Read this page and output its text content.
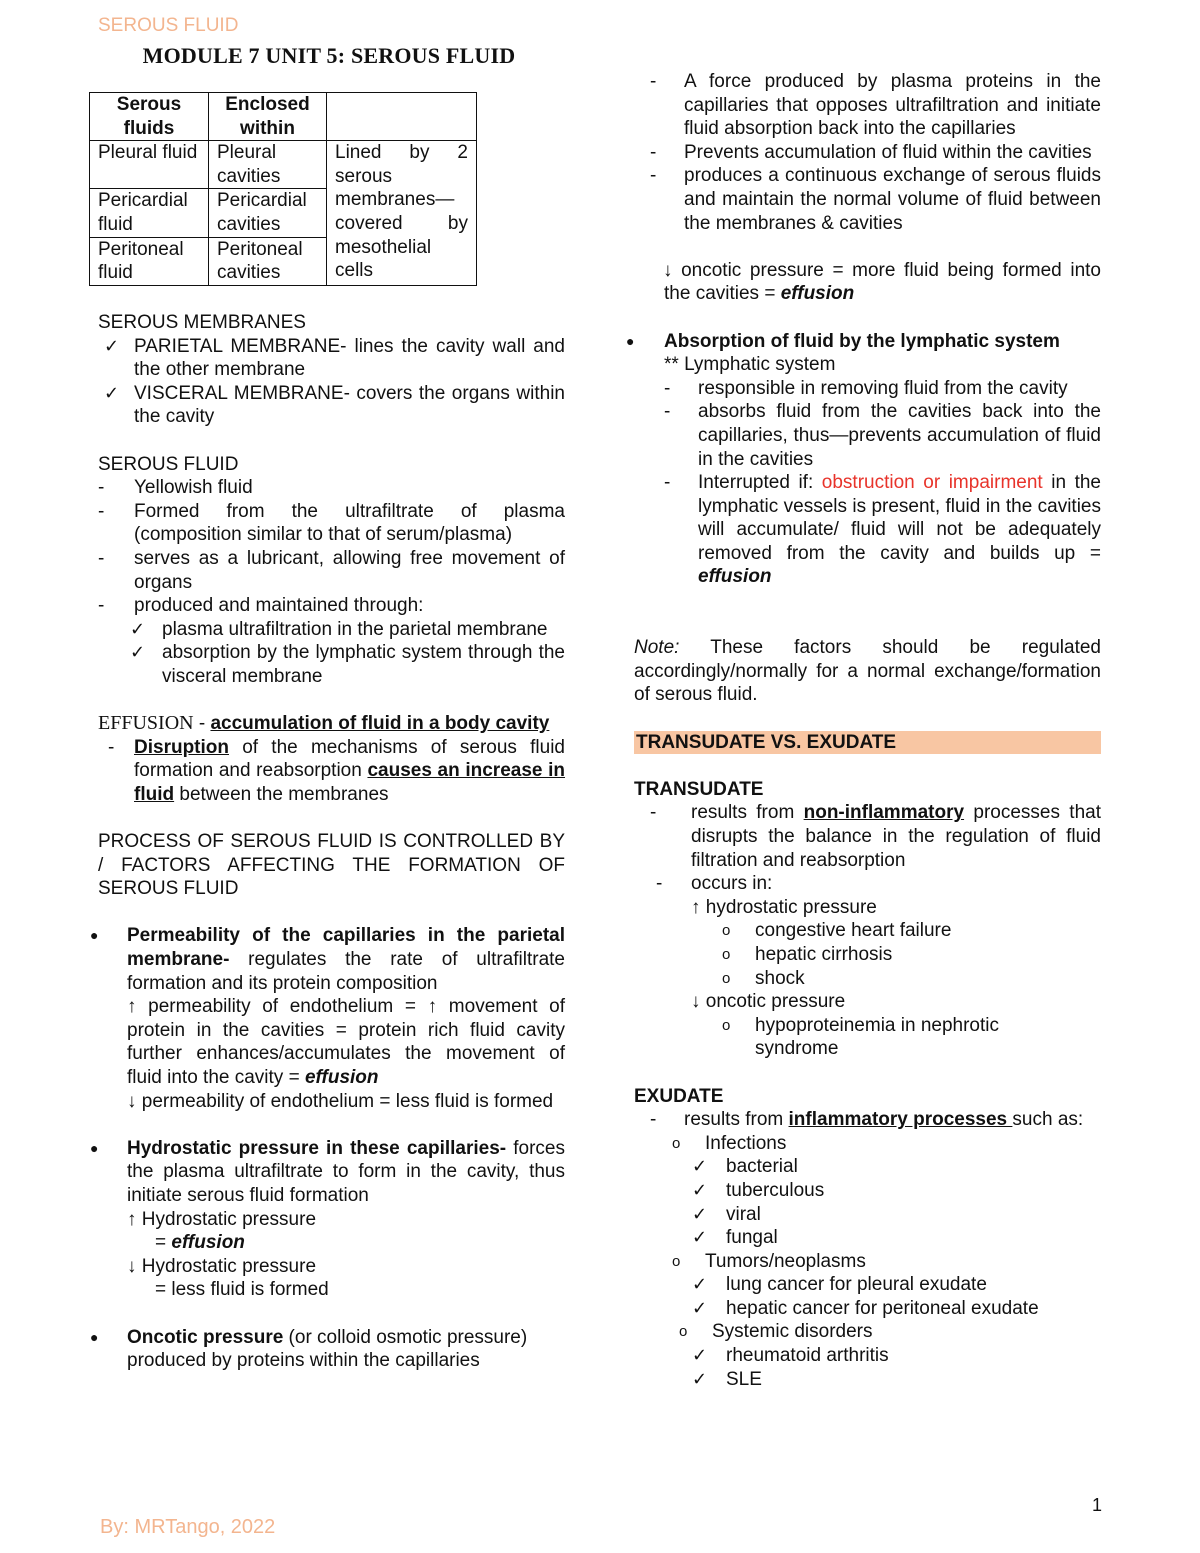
SEROUS FLUID
MODULE 7 UNIT 5: SEROUS FLUID
By: MRTango, 2022
1
Serous fluids	Enclosed within	
Pleural fluid	Pleural cavities	Lined by 2 serous membranes—covered by mesothelial cells
Pericardial fluid	Pericardial cavities	
Peritoneal fluid	Peritoneal cavities	
SEROUS MEMBRANES
✓ PARIETAL MEMBRANE- lines the cavity wall and the other membrane
✓ VISCERAL MEMBRANE- covers the organs within the cavity
SEROUS FLUID
- Yellowish fluid
- Formed from the ultrafiltrate of plasma (composition similar to that of serum/plasma)
- serves as a lubricant, allowing free movement of organs
- produced and maintained through:
✓ plasma ultrafiltration in the parietal membrane
✓ absorption by the lymphatic system through the visceral membrane
EFFUSION - accumulation of fluid in a body cavity
- Disruption of the mechanisms of serous fluid formation and reabsorption causes an increase in fluid between the membranes
PROCESS OF SEROUS FLUID IS CONTROLLED BY / FACTORS AFFECTING THE FORMATION OF SEROUS FLUID
● Permeability of the capillaries in the parietal membrane- regulates the rate of ultrafiltrate formation and its protein composition
↑ permeability of endothelium = ↑ movement of protein in the cavities = protein rich fluid cavity further enhances/accumulates the movement of fluid into the cavity = effusion
↓ permeability of endothelium = less fluid is formed
● Hydrostatic pressure in these capillaries- forces the plasma ultrafiltrate to form in the cavity, thus initiate serous fluid formation
↑ Hydrostatic pressure
= effusion
↓ Hydrostatic pressure
= less fluid is formed
● Oncotic pressure (or colloid osmotic pressure) produced by proteins within the capillaries
- A force produced by plasma proteins in the capillaries that opposes ultrafiltration and initiate fluid absorption back into the capillaries
- Prevents accumulation of fluid within the cavities
- produces a continuous exchange of serous fluids and maintain the normal volume of fluid between the membranes & cavities
↓ oncotic pressure = more fluid being formed into the cavities = effusion
● Absorption of fluid by the lymphatic system
** Lymphatic system
- responsible in removing fluid from the cavity
- absorbs fluid from the cavities back into the capillaries, thus—prevents accumulation of fluid in the cavities
- Interrupted if: obstruction or impairment in the lymphatic vessels is present, fluid in the cavities will accumulate/ fluid will not be adequately removed from the cavity and builds up = effusion
Note: These factors should be regulated accordingly/normally for a normal exchange/formation of serous fluid.
TRANSUDATE VS. EXUDATE
TRANSUDATE
- results from non-inflammatory processes that disrupts the balance in the regulation of fluid filtration and reabsorption
- occurs in:
↑ hydrostatic pressure
o congestive heart failure
o hepatic cirrhosis
o shock
↓ oncotic pressure
o hypoproteinemia in nephrotic syndrome
EXUDATE
- results from inflammatory processes such as:
o Infections
✓ bacterial
✓ tuberculous
✓ viral
✓ fungal
o Tumors/neoplasms
✓ lung cancer for pleural exudate
✓ hepatic cancer for peritoneal exudate
o Systemic disorders
✓ rheumatoid arthritis
✓ SLE
